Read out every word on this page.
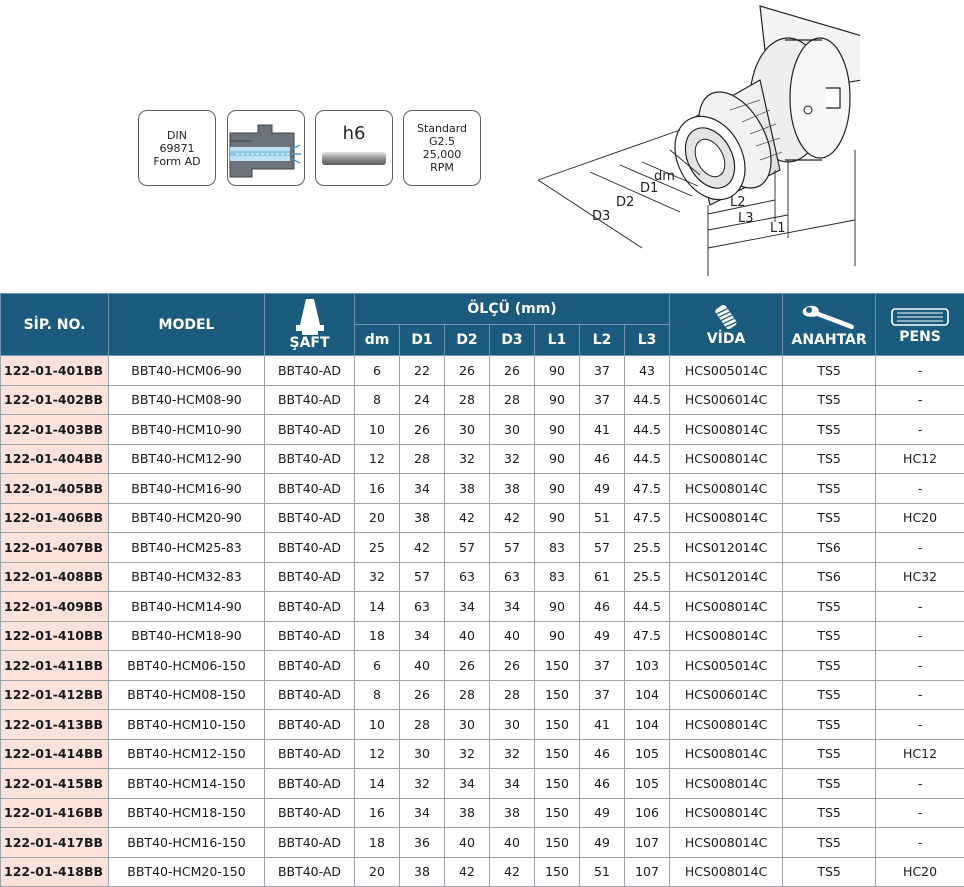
DIN
69871
Form AD
h6	Standard
G2.5
25,000
RPM
dm
D1
D2
D3
L2
L3
L1
SİP. NO.	MODEL	ŞAFT	ÖLÇÜ (mm)							VİDA	ANAHTAR	PENS

			dm	D1	D2	D3	L1	L2	L3			
122-01-401BB	BBT40-HCM06-90	BBT40-AD	6	22	26	26	90	37	43	HCS005014C	TS5	-
122-01-402BB	BBT40-HCM08-90	BBT40-AD	8	24	28	28	90	37	44.5	HCS006014C	TS5	-
122-01-403BB	BBT40-HCM10-90	BBT40-AD	10	26	30	30	90	41	44.5	HCS008014C	TS5	-
122-01-404BB	BBT40-HCM12-90	BBT40-AD	12	28	32	32	90	46	44.5	HCS008014C	TS5	HC12
122-01-405BB	BBT40-HCM16-90	BBT40-AD	16	34	38	38	90	49	47.5	HCS008014C	TS5	-
122-01-406BB	BBT40-HCM20-90	BBT40-AD	20	38	42	42	90	51	47.5	HCS008014C	TS5	HC20
122-01-407BB	BBT40-HCM25-83	BBT40-AD	25	42	57	57	83	57	25.5	HCS012014C	TS6	-
122-01-408BB	BBT40-HCM32-83	BBT40-AD	32	57	63	63	83	61	25.5	HCS012014C	TS6	HC32
122-01-409BB	BBT40-HCM14-90	BBT40-AD	14	63	34	34	90	46	44.5	HCS008014C	TS5	-
122-01-410BB	BBT40-HCM18-90	BBT40-AD	18	34	40	40	90	49	47.5	HCS008014C	TS5	-
122-01-411BB	BBT40-HCM06-150	BBT40-AD	6	40	26	26	150	37	103	HCS005014C	TS5	-
122-01-412BB	BBT40-HCM08-150	BBT40-AD	8	26	28	28	150	37	104	HCS006014C	TS5	-
122-01-413BB	BBT40-HCM10-150	BBT40-AD	10	28	30	30	150	41	104	HCS008014C	TS5	-
122-01-414BB	BBT40-HCM12-150	BBT40-AD	12	30	32	32	150	46	105	HCS008014C	TS5	HC12
122-01-415BB	BBT40-HCM14-150	BBT40-AD	14	32	34	34	150	46	105	HCS008014C	TS5	-
122-01-416BB	BBT40-HCM18-150	BBT40-AD	16	34	38	38	150	49	106	HCS008014C	TS5	-
122-01-417BB	BBT40-HCM16-150	BBT40-AD	18	36	40	40	150	49	107	HCS008014C	TS5	-
122-01-418BB	BBT40-HCM20-150	BBT40-AD	20	38	42	42	150	51	107	HCS008014C	TS5	HC20
